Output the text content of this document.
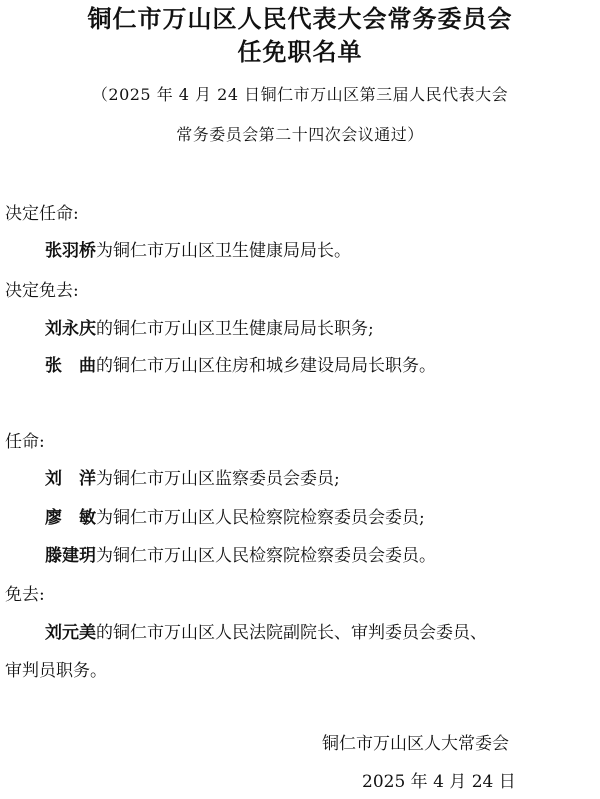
铜仁市万山区人民代表大会常务委员会
任免职名单
（2025 年 4 月 24 日铜仁市万山区第三届人民代表大会
常务委员会第二十四次会议通过）
决定任命:
张羽桥为铜仁市万山区卫生健康局局长。
决定免去:
刘永庆的铜仁市万山区卫生健康局局长职务;
张　曲的铜仁市万山区住房和城乡建设局局长职务。
任命:
刘　洋为铜仁市万山区监察委员会委员;
廖　敏为铜仁市万山区人民检察院检察委员会委员;
滕建玥为铜仁市万山区人民检察院检察委员会委员。
免去:
刘元美的铜仁市万山区人民法院副院长、审判委员会委员、
审判员职务。
铜仁市万山区人大常委会
2025 年 4 月 24 日
